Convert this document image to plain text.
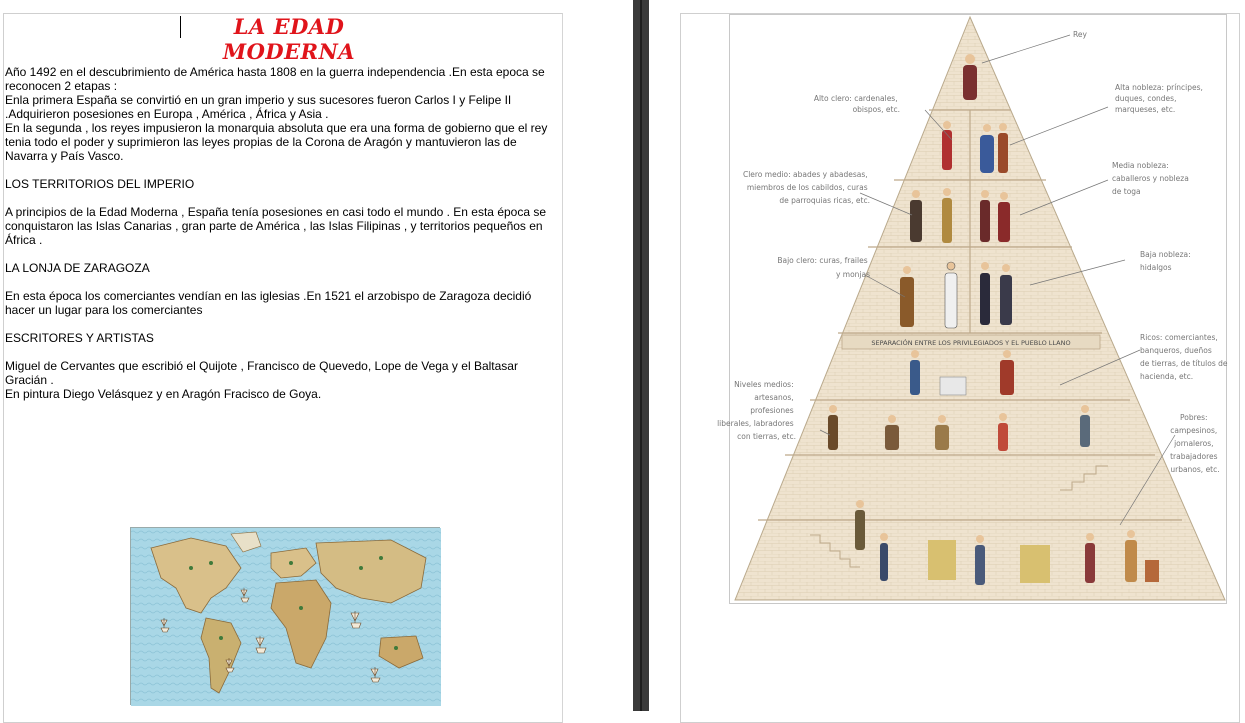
LA EDAD MODERNA

Año 1492 en el descubrimiento de América hasta 1808 en la guerra independencia .En esta epoca se reconocen 2 etapas :

Enla primera España se convirtió en un gran imperio y sus sucesores fueron Carlos I y Felipe II .Adquirieron posesiones en Europa , América , África y Asia .

En la segunda , los reyes impusieron la monarquia absoluta que era una forma de gobierno que el rey tenia todo el poder y suprimieron las leyes propias de la Corona de Aragón y mantuvieron las de Navarra y País Vasco.

LOS TERRITORIOS DEL IMPERIO

A principios de la Edad Moderna , España tenía posesiones en casi todo el mundo . En esta época se conquistaron las Islas Canarias , gran parte de América , las Islas Filipinas , y territorios pequeños en África .

LA LONJA DE ZARAGOZA

En esta época los comerciantes vendían en las iglesias .En 1521 el arzobispo de Zaragoza decidió hacer un lugar para los comerciantes

ESCRITORES Y ARTISTAS

Miguel de Cervantes que escribió el Quijote , Francisco de Quevedo, Lope de Vega y el Baltasar Gracián .

En pintura Diego Velásquez y en Aragón Fracisco de Goya.

SEPARACIÓN ENTRE LOS PRIVILEGIADOS Y EL PUEBLO LLANO
Rey
Alto clero: cardenales, obispos, etc.
Alta nobleza: príncipes, duques, condes, marqueses, etc.
Clero medio: abades y abadesas, miembros de los cabildos, curas de parroquias ricas, etc.
Media nobleza: caballeros y nobleza de toga
Bajo clero: curas, frailes y monjas
Baja nobleza: hidalgos
Ricos: comerciantes, banqueros, dueños de tierras, de títulos de hacienda, etc.
Niveles medios: artesanos, profesiones liberales, labradores con tierras, etc.
Pobres: campesinos, jornaleros, trabajadores urbanos, etc.
